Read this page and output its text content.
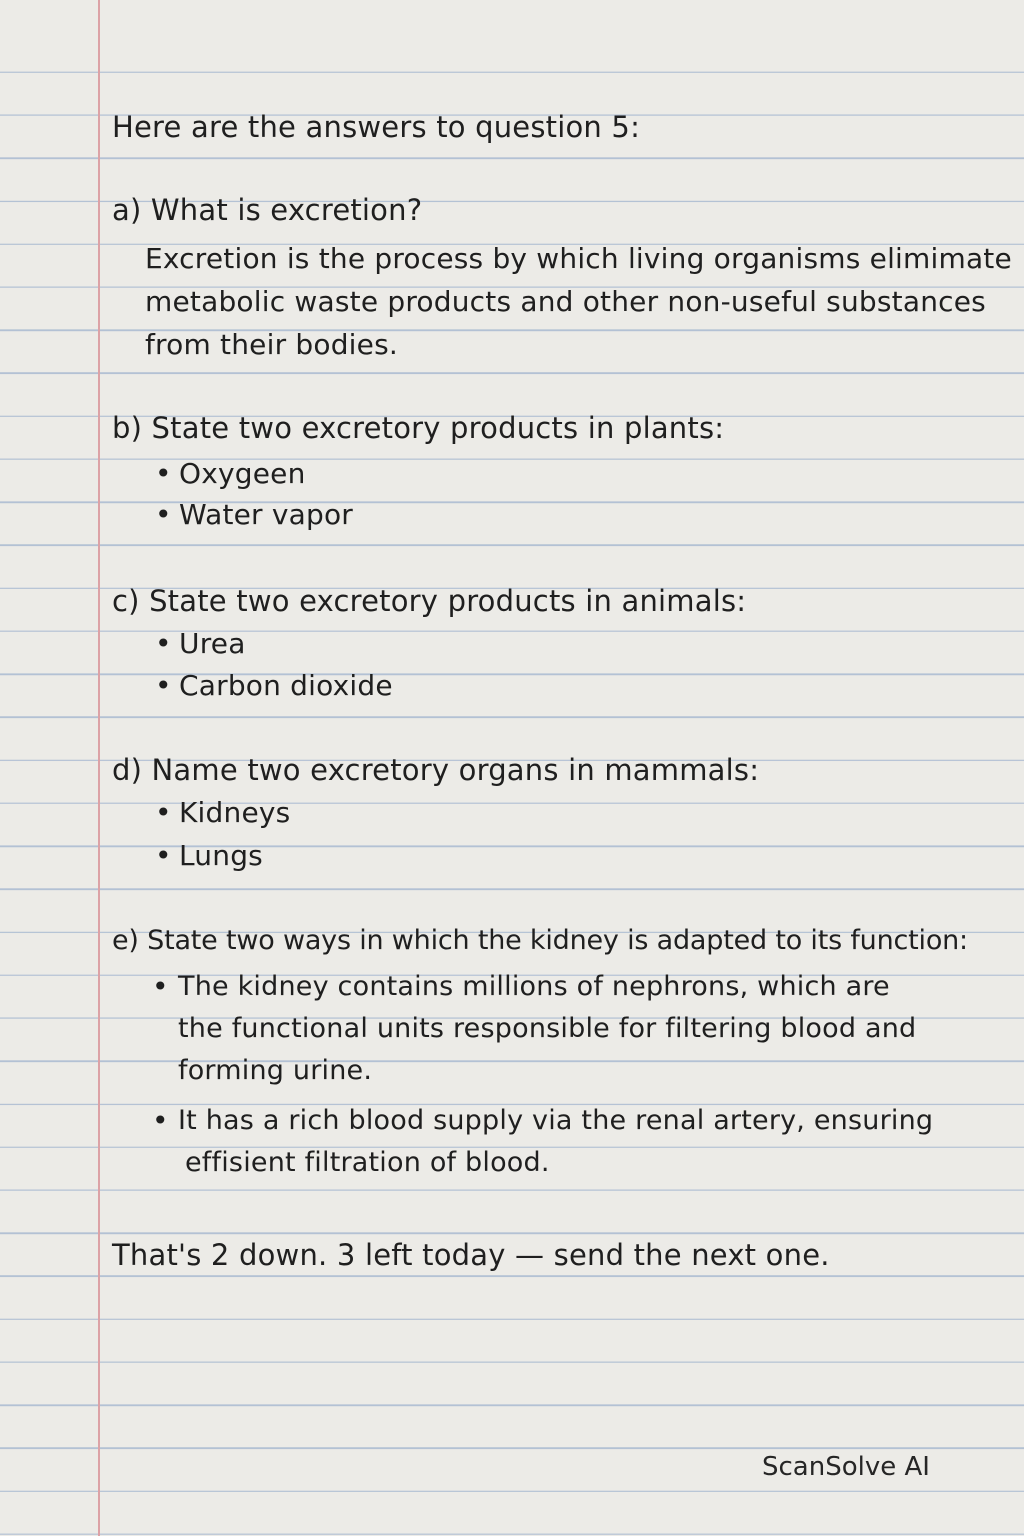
Here are the answers to question 5:
a) What is excretion?
Excretion is the process by which living organisms elimimate
metabolic waste products and other non-useful substances
from their bodies.
b) State two excretory products in plants:
• Oxygeen
• Water vapor
c) State two excretory products in animals:
• Urea
• Carbon dioxide
d) Name two excretory organs in mammals:
• Kidneys
• Lungs
e) State two ways in which the kidney is adapted to its function:
• The kidney contains millions of nephrons, which are
the functional units responsible for filtering blood and
forming urine.
• It has a rich blood supply via the renal artery, ensuring
effisient filtration of blood.
That's 2 down. 3 left today — send the next one.
ScanSolve AI
